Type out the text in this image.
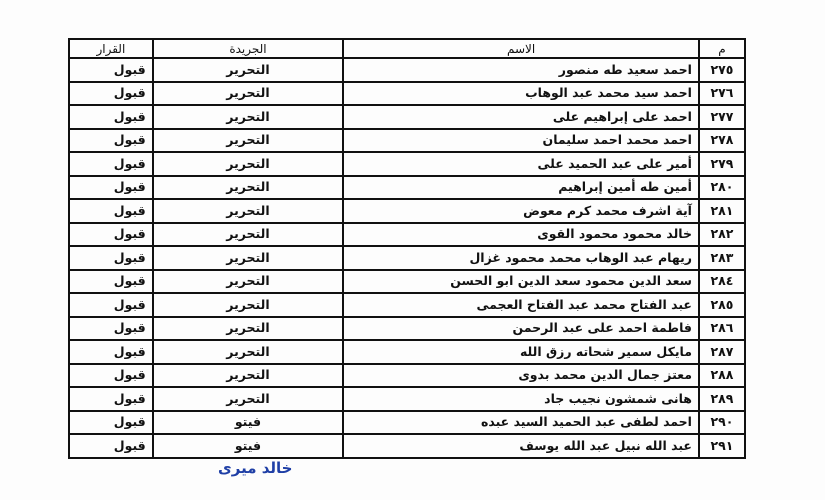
م	الاسم	الجريدة	القرار
٢٧٥	احمد سعيد طه منصور	التحرير	قبول
٢٧٦	احمد سيد محمد عبد الوهاب	التحرير	قبول
٢٧٧	احمد على إبراهيم على	التحرير	قبول
٢٧٨	احمد محمد احمد سليمان	التحرير	قبول
٢٧٩	أمير على عبد الحميد على	التحرير	قبول
٢٨٠	أمين طه أمين إبراهيم	التحرير	قبول
٢٨١	آية اشرف محمد كرم معوض	التحرير	قبول
٢٨٢	خالد محمود محمود القوى	التحرير	قبول
٢٨٣	ريهام عبد الوهاب محمد محمود غزال	التحرير	قبول
٢٨٤	سعد الدين محمود سعد الدين ابو الحسن	التحرير	قبول
٢٨٥	عبد الفتاح محمد عبد الفتاح العجمى	التحرير	قبول
٢٨٦	فاطمة احمد على عبد الرحمن	التحرير	قبول
٢٨٧	مايكل سمير شحاته رزق الله	التحرير	قبول
٢٨٨	معتز جمال الدين محمد بدوى	التحرير	قبول
٢٨٩	هانى شمشون نجيب جاد	التحرير	قبول
٢٩٠	احمد لطفى عبد الحميد السيد عبده	فيتو	قبول
٢٩١	عبد الله نبيل عبد الله يوسف	فيتو	قبول
خالد ميرى
